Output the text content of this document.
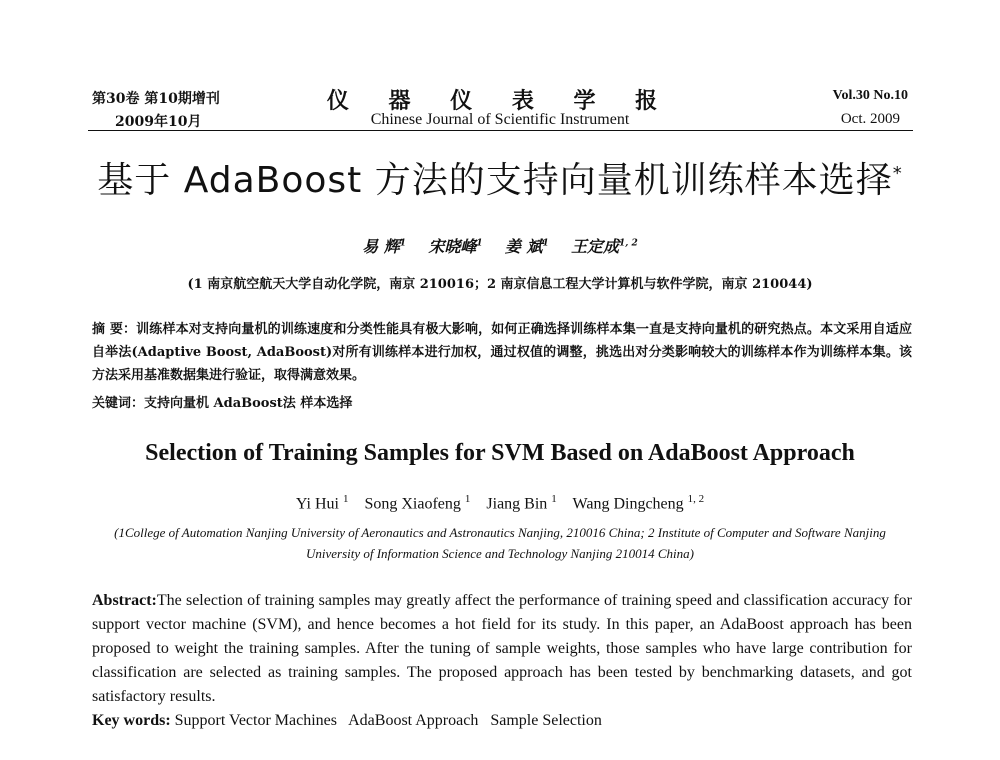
第30卷 第10期增刊
2009年10月
仪 器 仪 表 学 报
Chinese Journal of Scientific Instrument
Vol.30 No.10
Oct. 2009
基于 AdaBoost 方法的支持向量机训练样本选择*
易 辉$^1$ 宋晓峰$^1$ 姜 斌$^1$ 王定成$^{1, 2}$
(1 南京航空航天大学自动化学院，南京 210016；2 南京信息工程大学计算机与软件学院，南京 210044)
摘 要：训练样本对支持向量机的训练速度和分类性能具有极大影响，如何正确选择训练样本集一直是支持向量机的研究热点。本文采用自适应自举法(Adaptive Boost, AdaBoost)对所有训练样本进行加权，通过权值的调整，挑选出对分类影响较大的训练样本作为训练样本集。该方法采用基准数据集进行验证，取得满意效果。
关键词：支持向量机 AdaBoost法 样本选择
Selection of Training Samples for SVM Based on AdaBoost Approach
Yi Hui $^1$ Song Xiaofeng $^1$ Jiang Bin $^1$ Wang Dingcheng $^{1, 2}$
(1College of Automation Nanjing University of Aeronautics and Astronautics Nanjing, 210016 China; 2 Institute of Computer and Software Nanjing University of Information Science and Technology Nanjing 210014 China)
Abstract:The selection of training samples may greatly affect the performance of training speed and classification accuracy for support vector machine (SVM), and hence becomes a hot field for its study. In this paper, an AdaBoost approach has been proposed to weight the training samples. After the tuning of sample weights, those samples who have large contribution for classification are selected as training samples. The proposed approach has been tested by benchmarking datasets, and got satisfactory results.
Key words: Support Vector Machines   AdaBoost Approach   Sample Selection
